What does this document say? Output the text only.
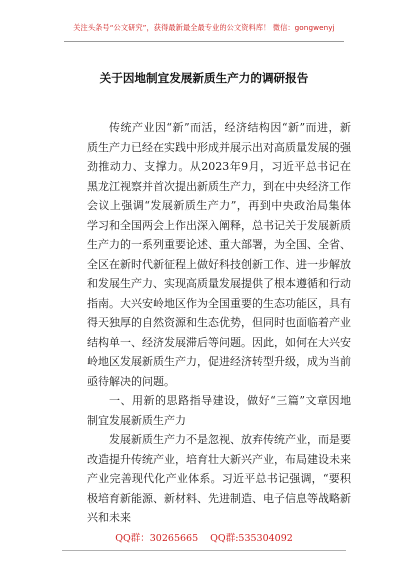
关注头条号“公文研究”，获得最新最全最专业的公文资料库！ 微信：gongwenyj
关于因地制宜发展新质生产力的调研报告

传统产业因“新”而活，经济结构因“新”而进，新质生产力已经在实践中形成并展示出对高质量发展的强劲推动力、支撑力。从2023年9月，习近平总书记在黑龙江视察并首次提出新质生产力，到在中央经济工作会议上强调“发展新质生产力”，再到中央政治局集体学习和全国两会上作出深入阐释，总书记关于发展新质生产力的一系列重要论述、重大部署，为全国、全省、全区在新时代新征程上做好科技创新工作、进一步解放和发展生产力、实现高质量发展提供了根本遵循和行动指南。大兴安岭地区作为全国重要的生态功能区，具有得天独厚的自然资源和生态优势，但同时也面临着产业结构单一、经济发展滞后等问题。因此，如何在大兴安岭地区发展新质生产力，促进经济转型升级，成为当前亟待解决的问题。

一、用新的思路指导建设，做好“三篇”文章因地制宜发展新质生产力

发展新质生产力不是忽视、放弃传统产业，而是要改造提升传统产业，培育壮大新兴产业，布局建设未来产业完善现代化产业体系。习近平总书记强调，“要积极培育新能源、新材料、先进制造、电子信息等战略新兴和未来

QQ群：30265665 QQ群:535304092
